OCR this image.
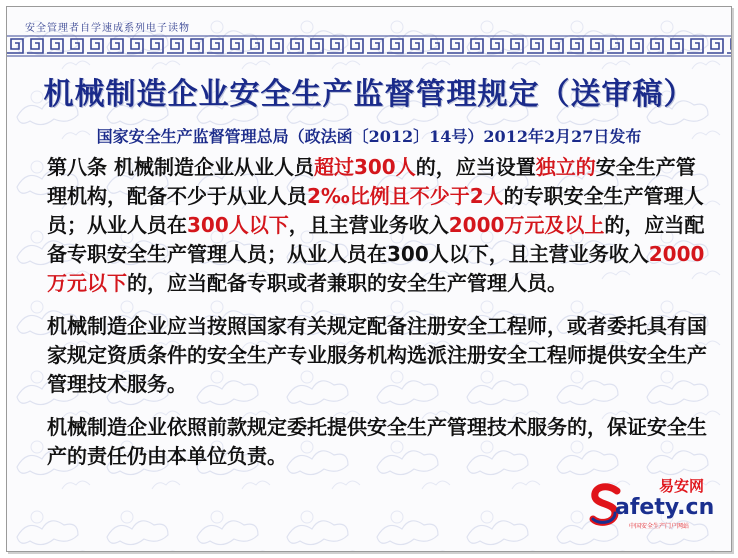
安全管理者自学速成系列电子读物
机械制造企业安全生产监督管理规定（送审稿）
国家安全生产监督管理总局（政法函〔2012〕14号）2012年2月27日发布

第八条 机械制造企业从业人员超过300人的，应当设置独立的安全生产管理机构，配备不少于从业人员2‰比例且不少于2人的专职安全生产管理人员；从业人员在300人以下，且主营业务收入2000万元及以上的，应当配备专职安全生产管理人员；从业人员在300人以下，且主营业务收入2000万元以下的，应当配备专职或者兼职的安全生产管理人员。

机械制造企业应当按照国家有关规定配备注册安全工程师，或者委托具有国家规定资质条件的安全生产专业服务机构选派注册安全工程师提供安全生产管理技术服务。

机械制造企业依照前款规定委托提供安全生产管理技术服务的，保证安全生产的责任仍由本单位负责。

易安网
afety.cn
中国安全生产门户网站
